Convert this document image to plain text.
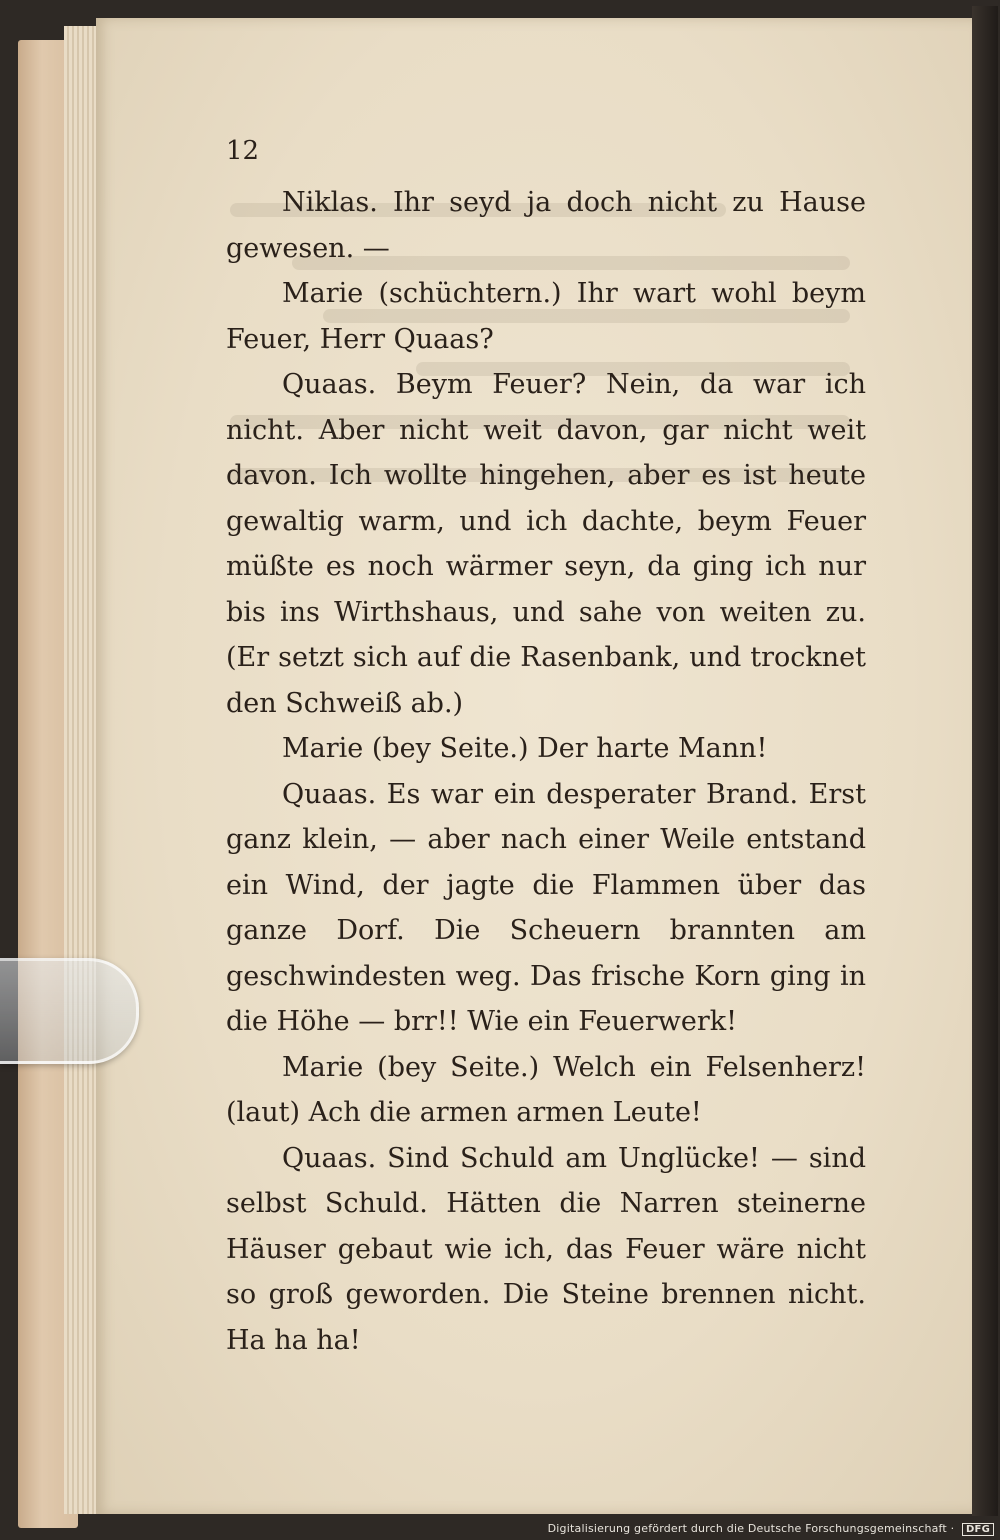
12

Niklas. Ihr seyd ja doch nicht zu Hause gewesen. —

Marie (schüchtern.) Ihr wart wohl beym Feuer, Herr Quaas?

Quaas. Beym Feuer? Nein, da war ich nicht. Aber nicht weit davon, gar nicht weit davon. Ich wollte hingehen, aber es ist heute gewaltig warm, und ich dachte, beym Feuer müßte es noch wärmer seyn, da ging ich nur bis ins Wirthshaus, und sahe von weiten zu. (Er setzt sich auf die Rasenbank, und trocknet den Schweiß ab.)

Marie (bey Seite.) Der harte Mann!

Quaas. Es war ein desperater Brand. Erst ganz klein, — aber nach einer Weile entstand ein Wind, der jagte die Flammen über das ganze Dorf. Die Scheuern brannten am geschwindesten weg. Das frische Korn ging in die Höhe — brr!! Wie ein Feuerwerk!

Marie (bey Seite.) Welch ein Felsenherz! (laut) Ach die armen armen Leute!

Quaas. Sind Schuld am Unglücke! — sind selbst Schuld. Hätten die Narren steinerne Häuser gebaut wie ich, das Feuer wäre nicht so groß geworden. Die Steine brennen nicht. Ha ha ha!

Digitalisierung gefördert durch die Deutsche Forschungsgemeinschaft · DFG
